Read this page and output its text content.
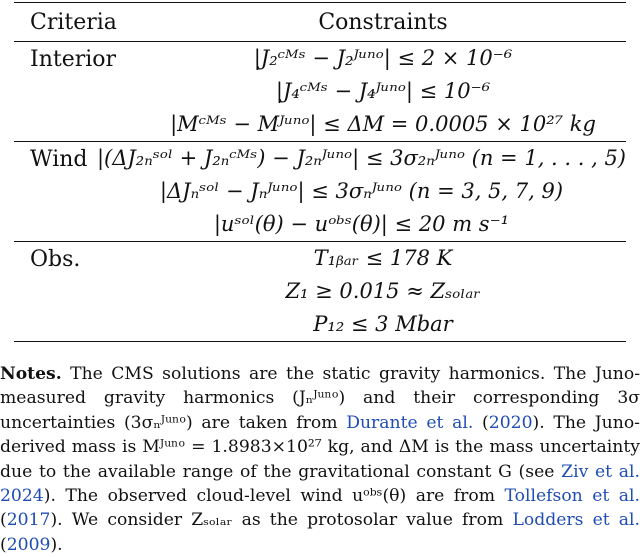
Criteria	Constraints
Interior	|J₂ᶜᴹˢ − J₂ᴶᵘⁿᵒ| ≤ 2 × 10⁻⁶
|J₄ᶜᴹˢ − J₄ᴶᵘⁿᵒ| ≤ 10⁻⁶
|Mᶜᴹˢ − Mᴶᵘⁿᵒ| ≤ ΔM = 0.0005 × 10²⁷ kg
Wind |(ΔJ₂ₙˢᵒˡ + J₂ₙᶜᴹˢ) − J₂ₙᴶᵘⁿᵒ| ≤ 3σ₂ₙᴶᵘⁿᵒ (n = 1, . . . , 5)
|ΔJₙˢᵒˡ − Jₙᴶᵘⁿᵒ| ≤ 3σₙᴶᵘⁿᵒ (n = 3, 5, 7, 9)
|uˢᵒˡ(θ) − uᵒᵇˢ(θ)| ≤ 20 m s⁻¹
Obs.	T₁ᵦₐᵣ ≤ 178 K
Z₁ ≥ 0.015 ≈ Zₛₒₗₐᵣ
P₁₂ ≤ 3 Mbar

Notes. The CMS solutions are the static gravity harmonics. The Juno-measured gravity harmonics (Jₙᴶᵘⁿᵒ) and their corresponding 3σ uncertainties (3σₙᴶᵘⁿᵒ) are taken from Durante et al. (2020). The Juno-derived mass is Mᴶᵘⁿᵒ = 1.8983×10²⁷ kg, and ΔM is the mass uncertainty due to the available range of the gravitational constant G (see Ziv et al. 2024). The observed cloud-level wind uᵒᵇˢ(θ) are from Tollefson et al. (2017). We consider Zₛₒₗₐᵣ as the protosolar value from Lodders et al. (2009).
